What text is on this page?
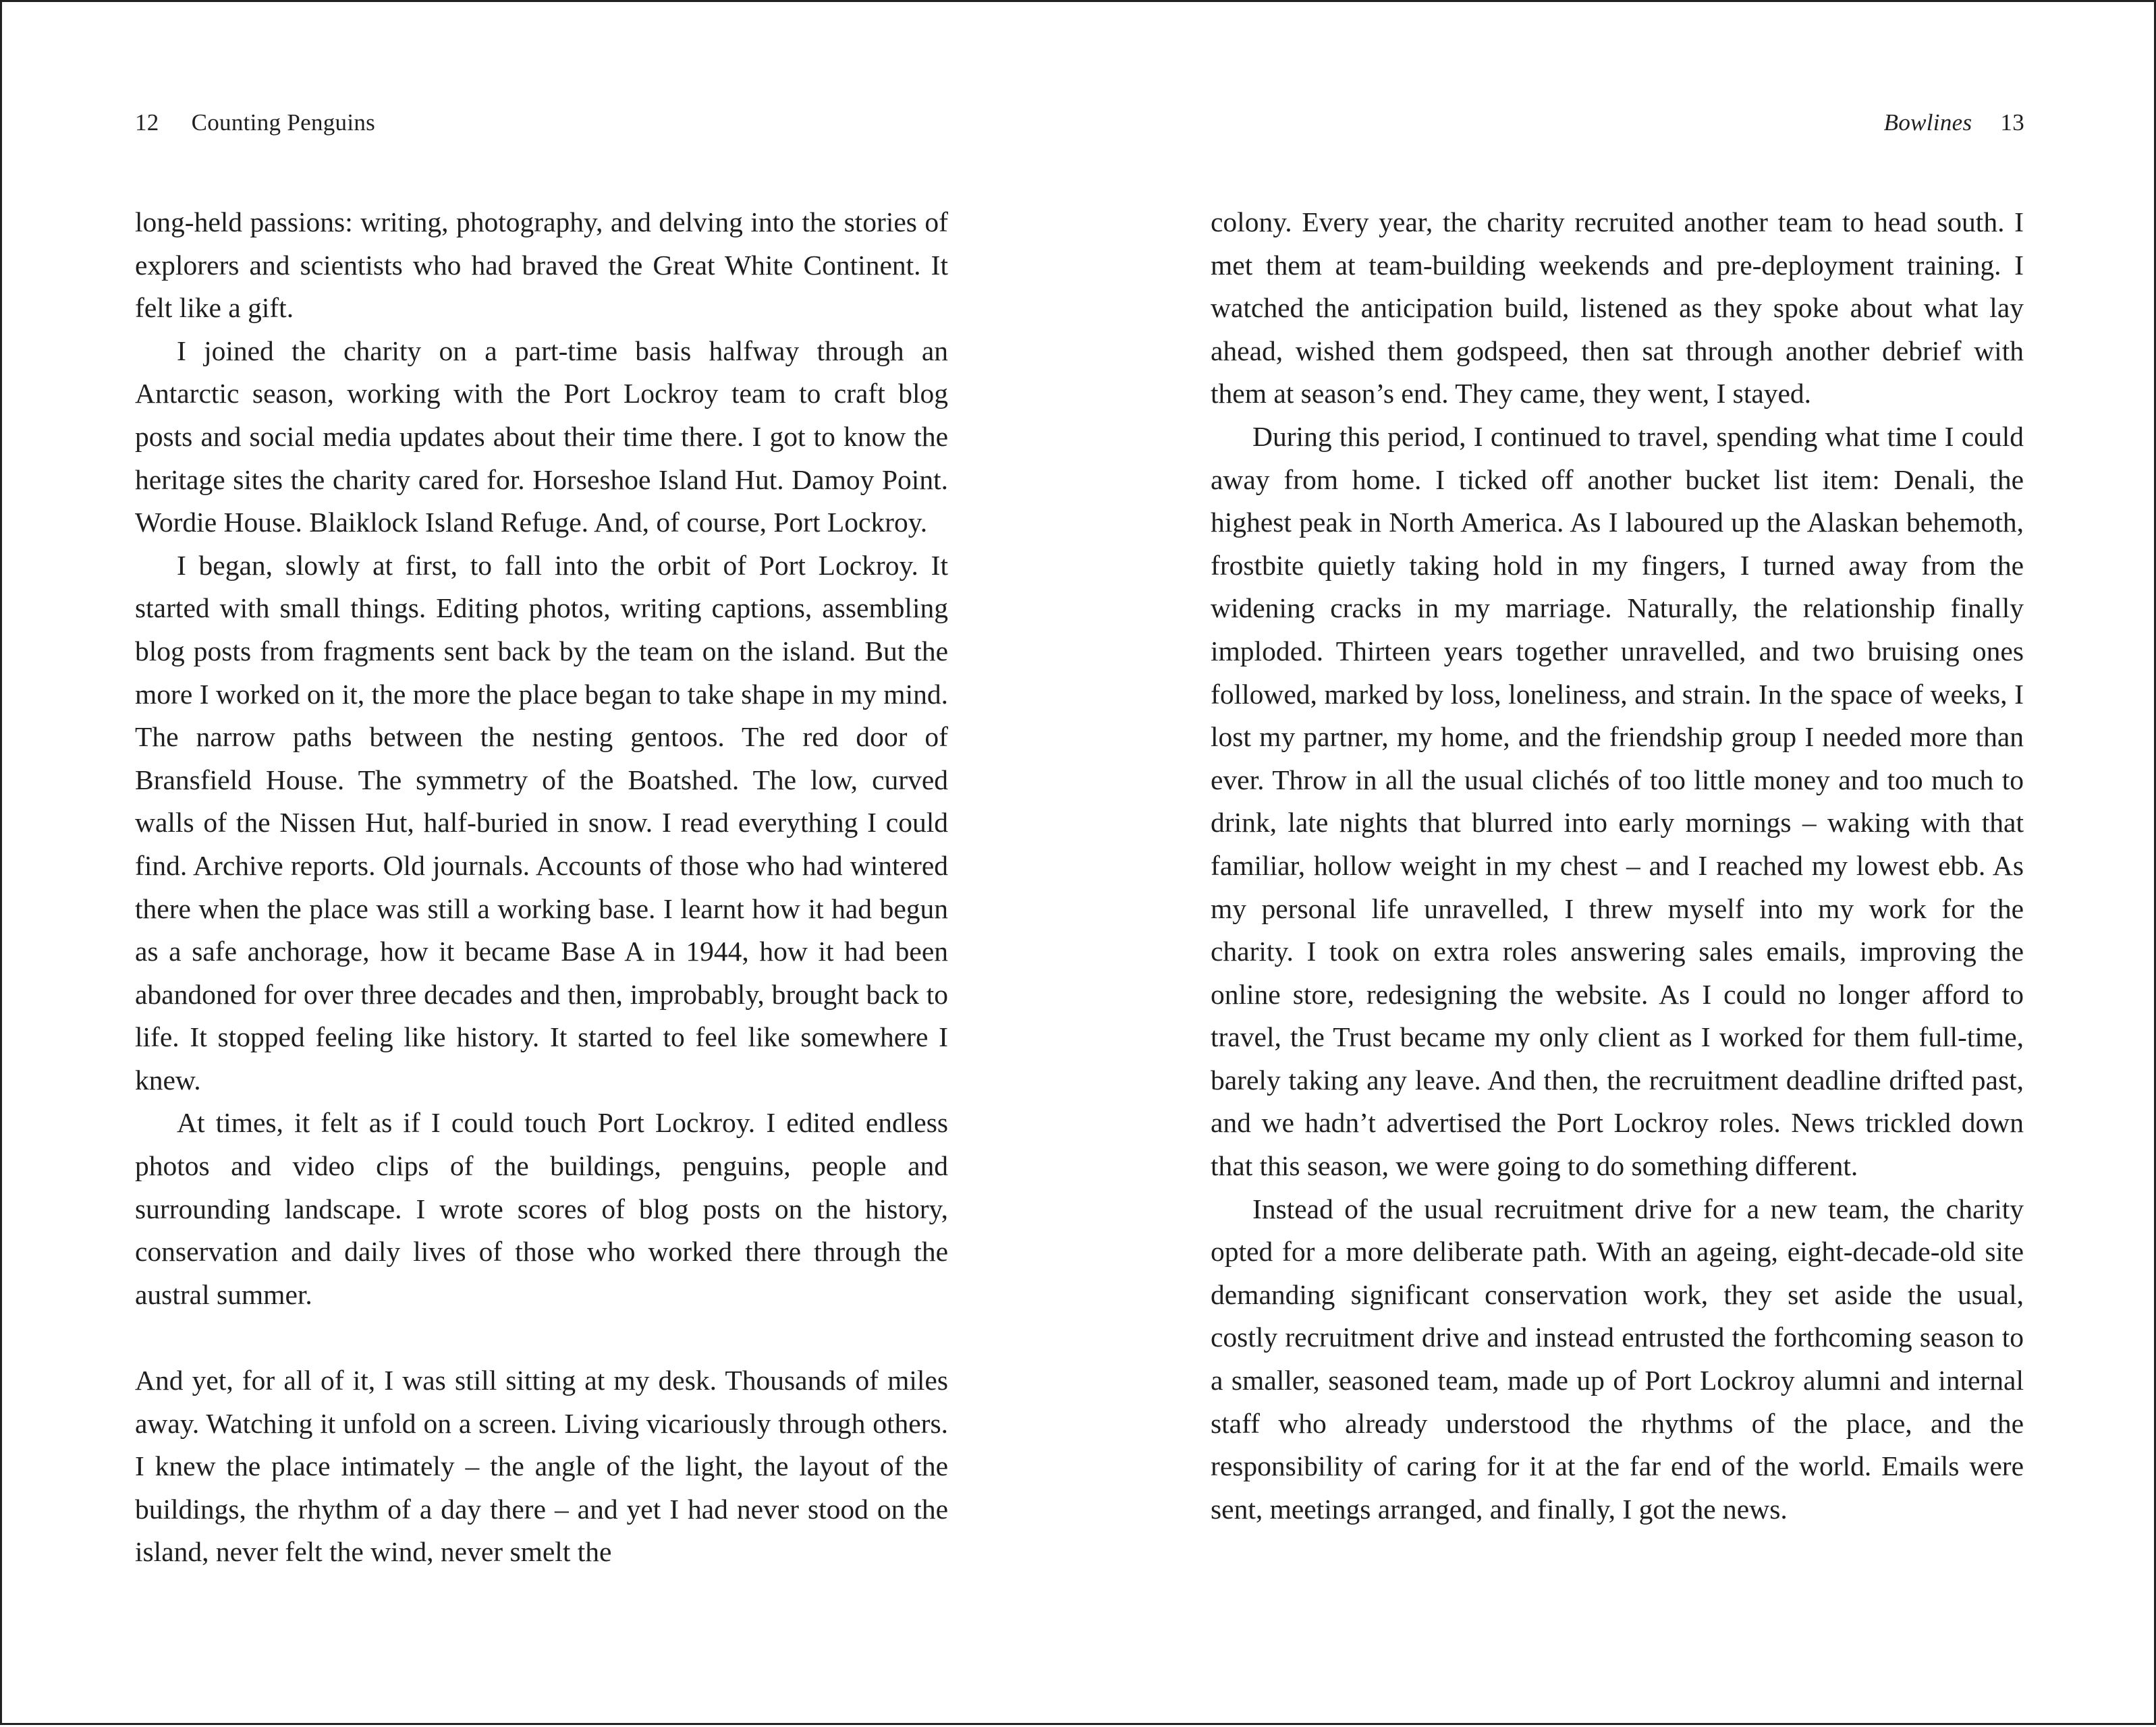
12 Counting Penguins

long-held passions: writing, photography, and delving into the stories of explorers and scientists who had braved the Great White Continent. It felt like a gift.

I joined the charity on a part-time basis halfway through an Antarctic season, working with the Port Lockroy team to craft blog posts and social media updates about their time there. I got to know the heritage sites the charity cared for. Horseshoe Island Hut. Damoy Point. Wordie House. Blaiklock Island Refuge. And, of course, Port Lockroy.

I began, slowly at first, to fall into the orbit of Port Lockroy. It started with small things. Editing photos, writing captions, assembling blog posts from fragments sent back by the team on the island. But the more I worked on it, the more the place began to take shape in my mind. The narrow paths between the nesting gentoos. The red door of Bransfield House. The symmetry of the Boatshed. The low, curved walls of the Nissen Hut, half-buried in snow. I read everything I could find. Archive reports. Old journals. Accounts of those who had wintered there when the place was still a working base. I learnt how it had begun as a safe anchorage, how it became Base A in 1944, how it had been abandoned for over three decades and then, improbably, brought back to life. It stopped feeling like history. It started to feel like somewhere I knew.

At times, it felt as if I could touch Port Lockroy. I edited endless photos and video clips of the buildings, penguins, people and surrounding landscape. I wrote scores of blog posts on the history, conservation and daily lives of those who worked there through the austral summer.

And yet, for all of it, I was still sitting at my desk. Thousands of miles away. Watching it unfold on a screen. Living vicariously through others. I knew the place intimately – the angle of the light, the layout of the buildings, the rhythm of a day there – and yet I had never stood on the island, never felt the wind, never smelt the

Bowlines 13

colony. Every year, the charity recruited another team to head south. I met them at team-building weekends and pre-deployment training. I watched the anticipation build, listened as they spoke about what lay ahead, wished them godspeed, then sat through another debrief with them at season’s end. They came, they went, I stayed.

During this period, I continued to travel, spending what time I could away from home. I ticked off another bucket list item: Denali, the highest peak in North America. As I laboured up the Alaskan behemoth, frostbite quietly taking hold in my fingers, I turned away from the widening cracks in my marriage. Naturally, the relationship finally imploded. Thirteen years together unravelled, and two bruising ones followed, marked by loss, loneliness, and strain. In the space of weeks, I lost my partner, my home, and the friendship group I needed more than ever. Throw in all the usual clichés of too little money and too much to drink, late nights that blurred into early mornings – waking with that familiar, hollow weight in my chest – and I reached my lowest ebb. As my personal life unravelled, I threw myself into my work for the charity. I took on extra roles answering sales emails, improving the online store, redesigning the website. As I could no longer afford to travel, the Trust became my only client as I worked for them full-time, barely taking any leave. And then, the recruitment deadline drifted past, and we hadn’t advertised the Port Lockroy roles. News trickled down that this season, we were going to do something different.

Instead of the usual recruitment drive for a new team, the charity opted for a more deliberate path. With an ageing, eight-decade-old site demanding significant conservation work, they set aside the usual, costly recruitment drive and instead entrusted the forthcoming season to a smaller, seasoned team, made up of Port Lockroy alumni and internal staff who already understood the rhythms of the place, and the responsibility of caring for it at the far end of the world. Emails were sent, meetings arranged, and finally, I got the news.
